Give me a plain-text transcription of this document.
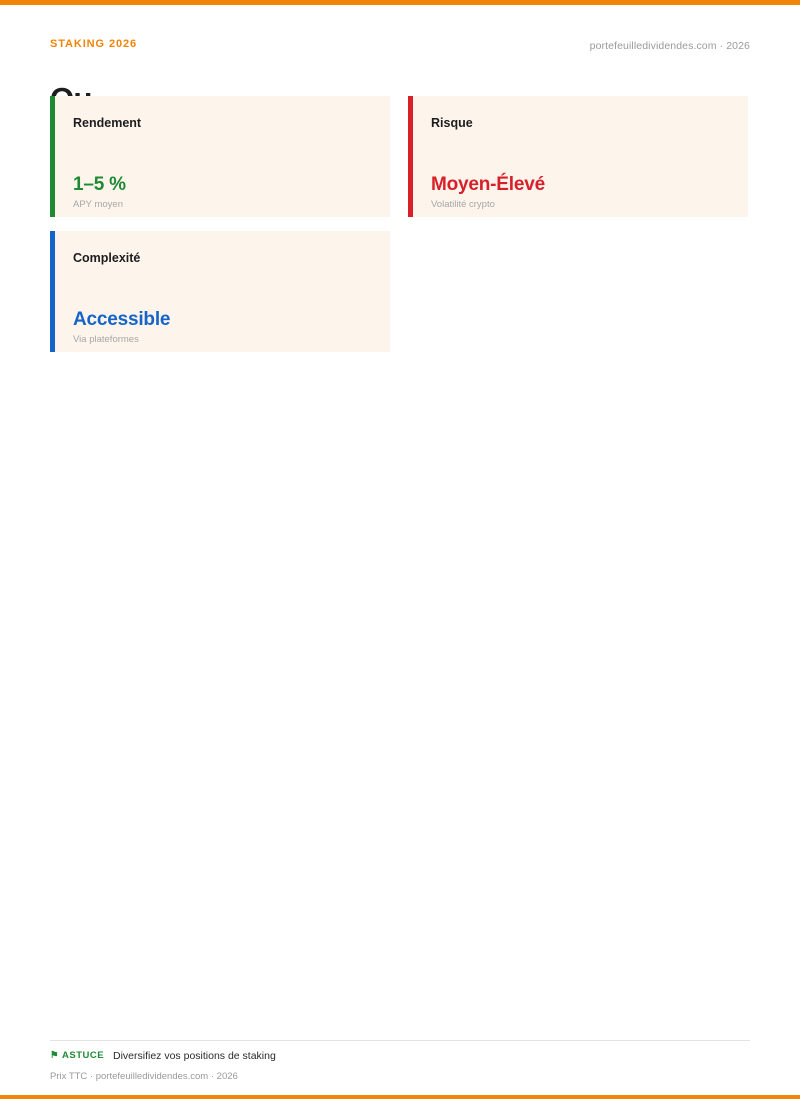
STAKING 2026	portefeuilledividendes.com · 2026
Rendement
1–5 %
APY moyen
Risque
Moyen-Élevé
Volatilité crypto
Complexité
Accessible
Via plateformes
⚑ ASTUCE Diversifiez vos positions de staking
Prix TTC · portefeuilledividendes.com · 2026
